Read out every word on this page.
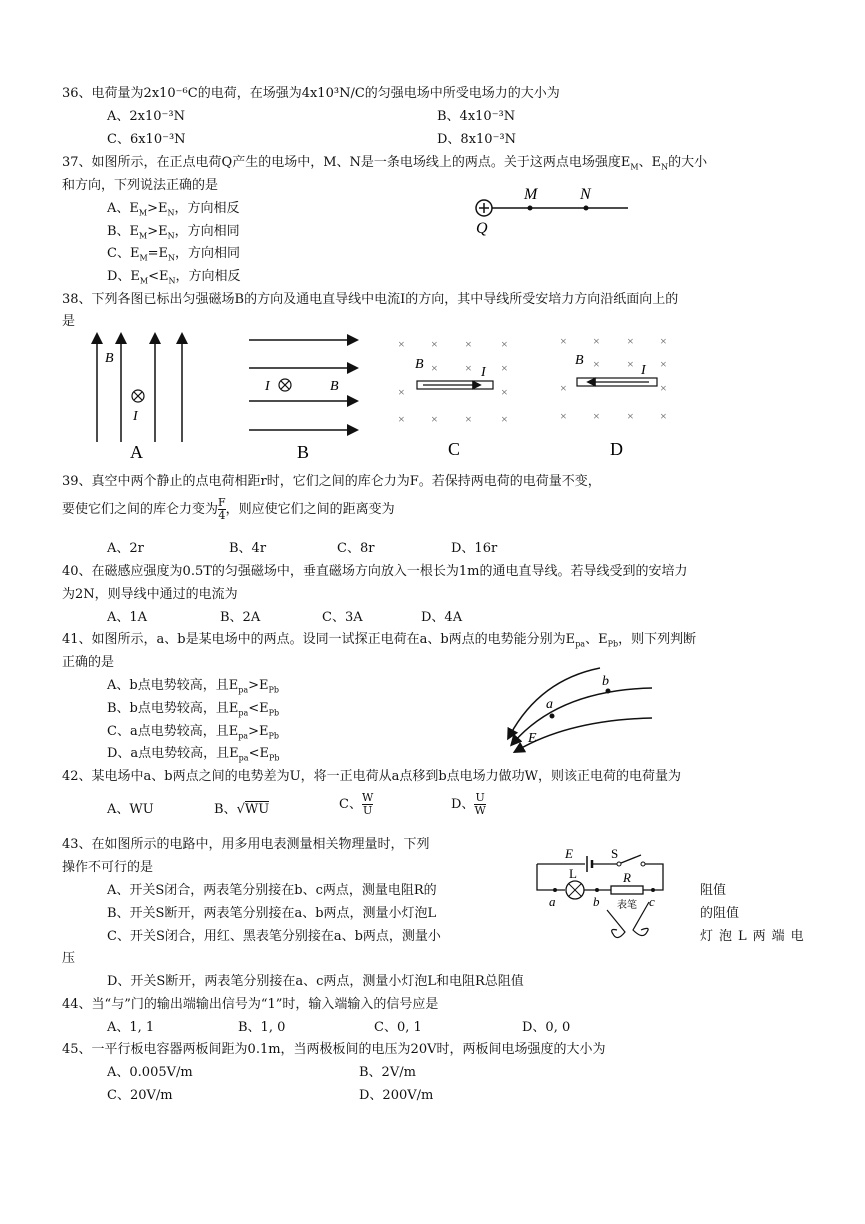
36、电荷量为2x10⁻⁶C的电荷，在场强为4x10³N/C的匀强电场中所受电场力的大小为
A、2x10⁻³N	B、4x10⁻³N
C、6x10⁻³N	D、8x10⁻³N
37、如图所示，在正点电荷Q产生的电场中，M、N是一条电场线上的两点。关于这两点电场强度$E_M$、$E_N$的大小
和方向，下列说法正确的是
A、$E_M>E_N$，方向相反
B、$E_M>E_N$，方向相同
C、$E_M=E_N$，方向相同
D、$E_M<E_N$，方向相反
M	N
Q
38、下列各图已标出匀强磁场B的方向及通电直导线中电流I的方向，其中导线所受安培力方向沿纸面向上的
是
B
I
A
I	B
B
× × × ×
× × ×
×	×
× × × ×
B
I
C
× × × ×
× × ×
×	×
× × × ×
B
I
D
39、真空中两个静止的点电荷相距r时，它们之间的库仑力为F。若保持两电荷的电荷量不变，
要使它们之间的库仑力变为 $\frac{F}{4}$ ，则应使它们之间的距离变为
A、2r	B、4r	C、8r	D、16r
40、在磁感应强度为0.5T的匀强磁场中，垂直磁场方向放入一根长为1m的通电直导线。若导线受到的安培力
为2N，则导线中通过的电流为
A、1A	B、2A	C、3A	D、4A
41、如图所示，a、b是某电场中的两点。设同一试探正电荷在a、b两点的电势能分别为$E_{pa}$、$E_{Pb}$，则下列判断
正确的是
A、b点电势较高，且$E_{pa}>E_{Pb}$
B、b点电势较高，且$E_{pa}<E_{Pb}$
C、a点电势较高，且$E_{pa}>E_{Pb}$
D、a点电势较高，且$E_{pa}<E_{Pb}$
a
b
E
42、某电场中a、b两点之间的电势差为U，将一正电荷从a点移到b点电场力做功W，则该正电荷的电荷量为
A、WU	B、√WU	C、 $\frac{W}{U}$	D、 $\frac{U}{W}$
43、在如图所示的电路中，用多用电表测量相关物理量时，下列
操作不可行的是
A、开关S闭合，两表笔分别接在b、c两点，测量电阻R的	阻值
B、开关S断开，两表笔分别接在a、b两点，测量小灯泡L	的阻值
C、开关S闭合，用红、黑表笔分别接在a、b两点，测量小	灯泡L两端电
压
D、开关S断开，两表笔分别接在a、c两点，测量小灯泡L和电阻R总阻值
E	S
L	R
a	b	c
表笔
44、当“与”门的输出端输出信号为“1”时，输入端输入的信号应是
A、1, 1	B、1, 0	C、0, 1	D、0, 0
45、一平行板电容器两板间距为0.1m，当两极板间的电压为20V时，两板间电场强度的大小为
A、0.005V/m	B、2V/m
C、20V/m	D、200V/m
